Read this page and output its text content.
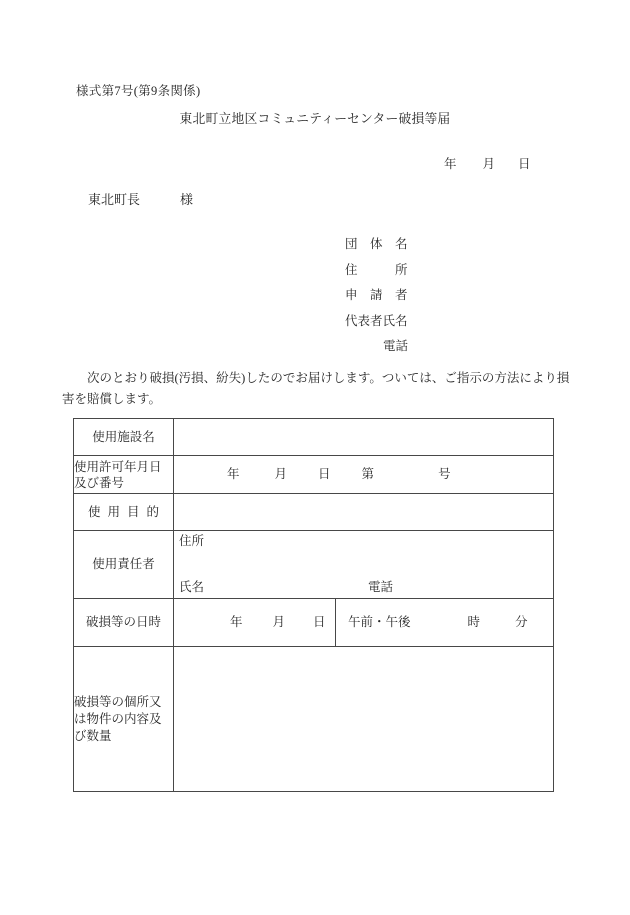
様式第7号(第9条関係)
東北町立地区コミュニティーセンター破損等届
年 月 日
東北町長	様
団　体　名
住　　　所
申　請　者
代表者氏名
電話
次のとおり破損(汚損、紛失)したのでお届けします。ついては、ご指示の方法により損
害を賠償します。
使用施設名		

使用許可年月日
及び番号	年 月 日 第 号	

使用目的		
使用責任者	住所
氏名 電話	

破損等の日時	年 月 日	午前・午後 時 分

破損等の個所又
は物件の内容及
び数量		
